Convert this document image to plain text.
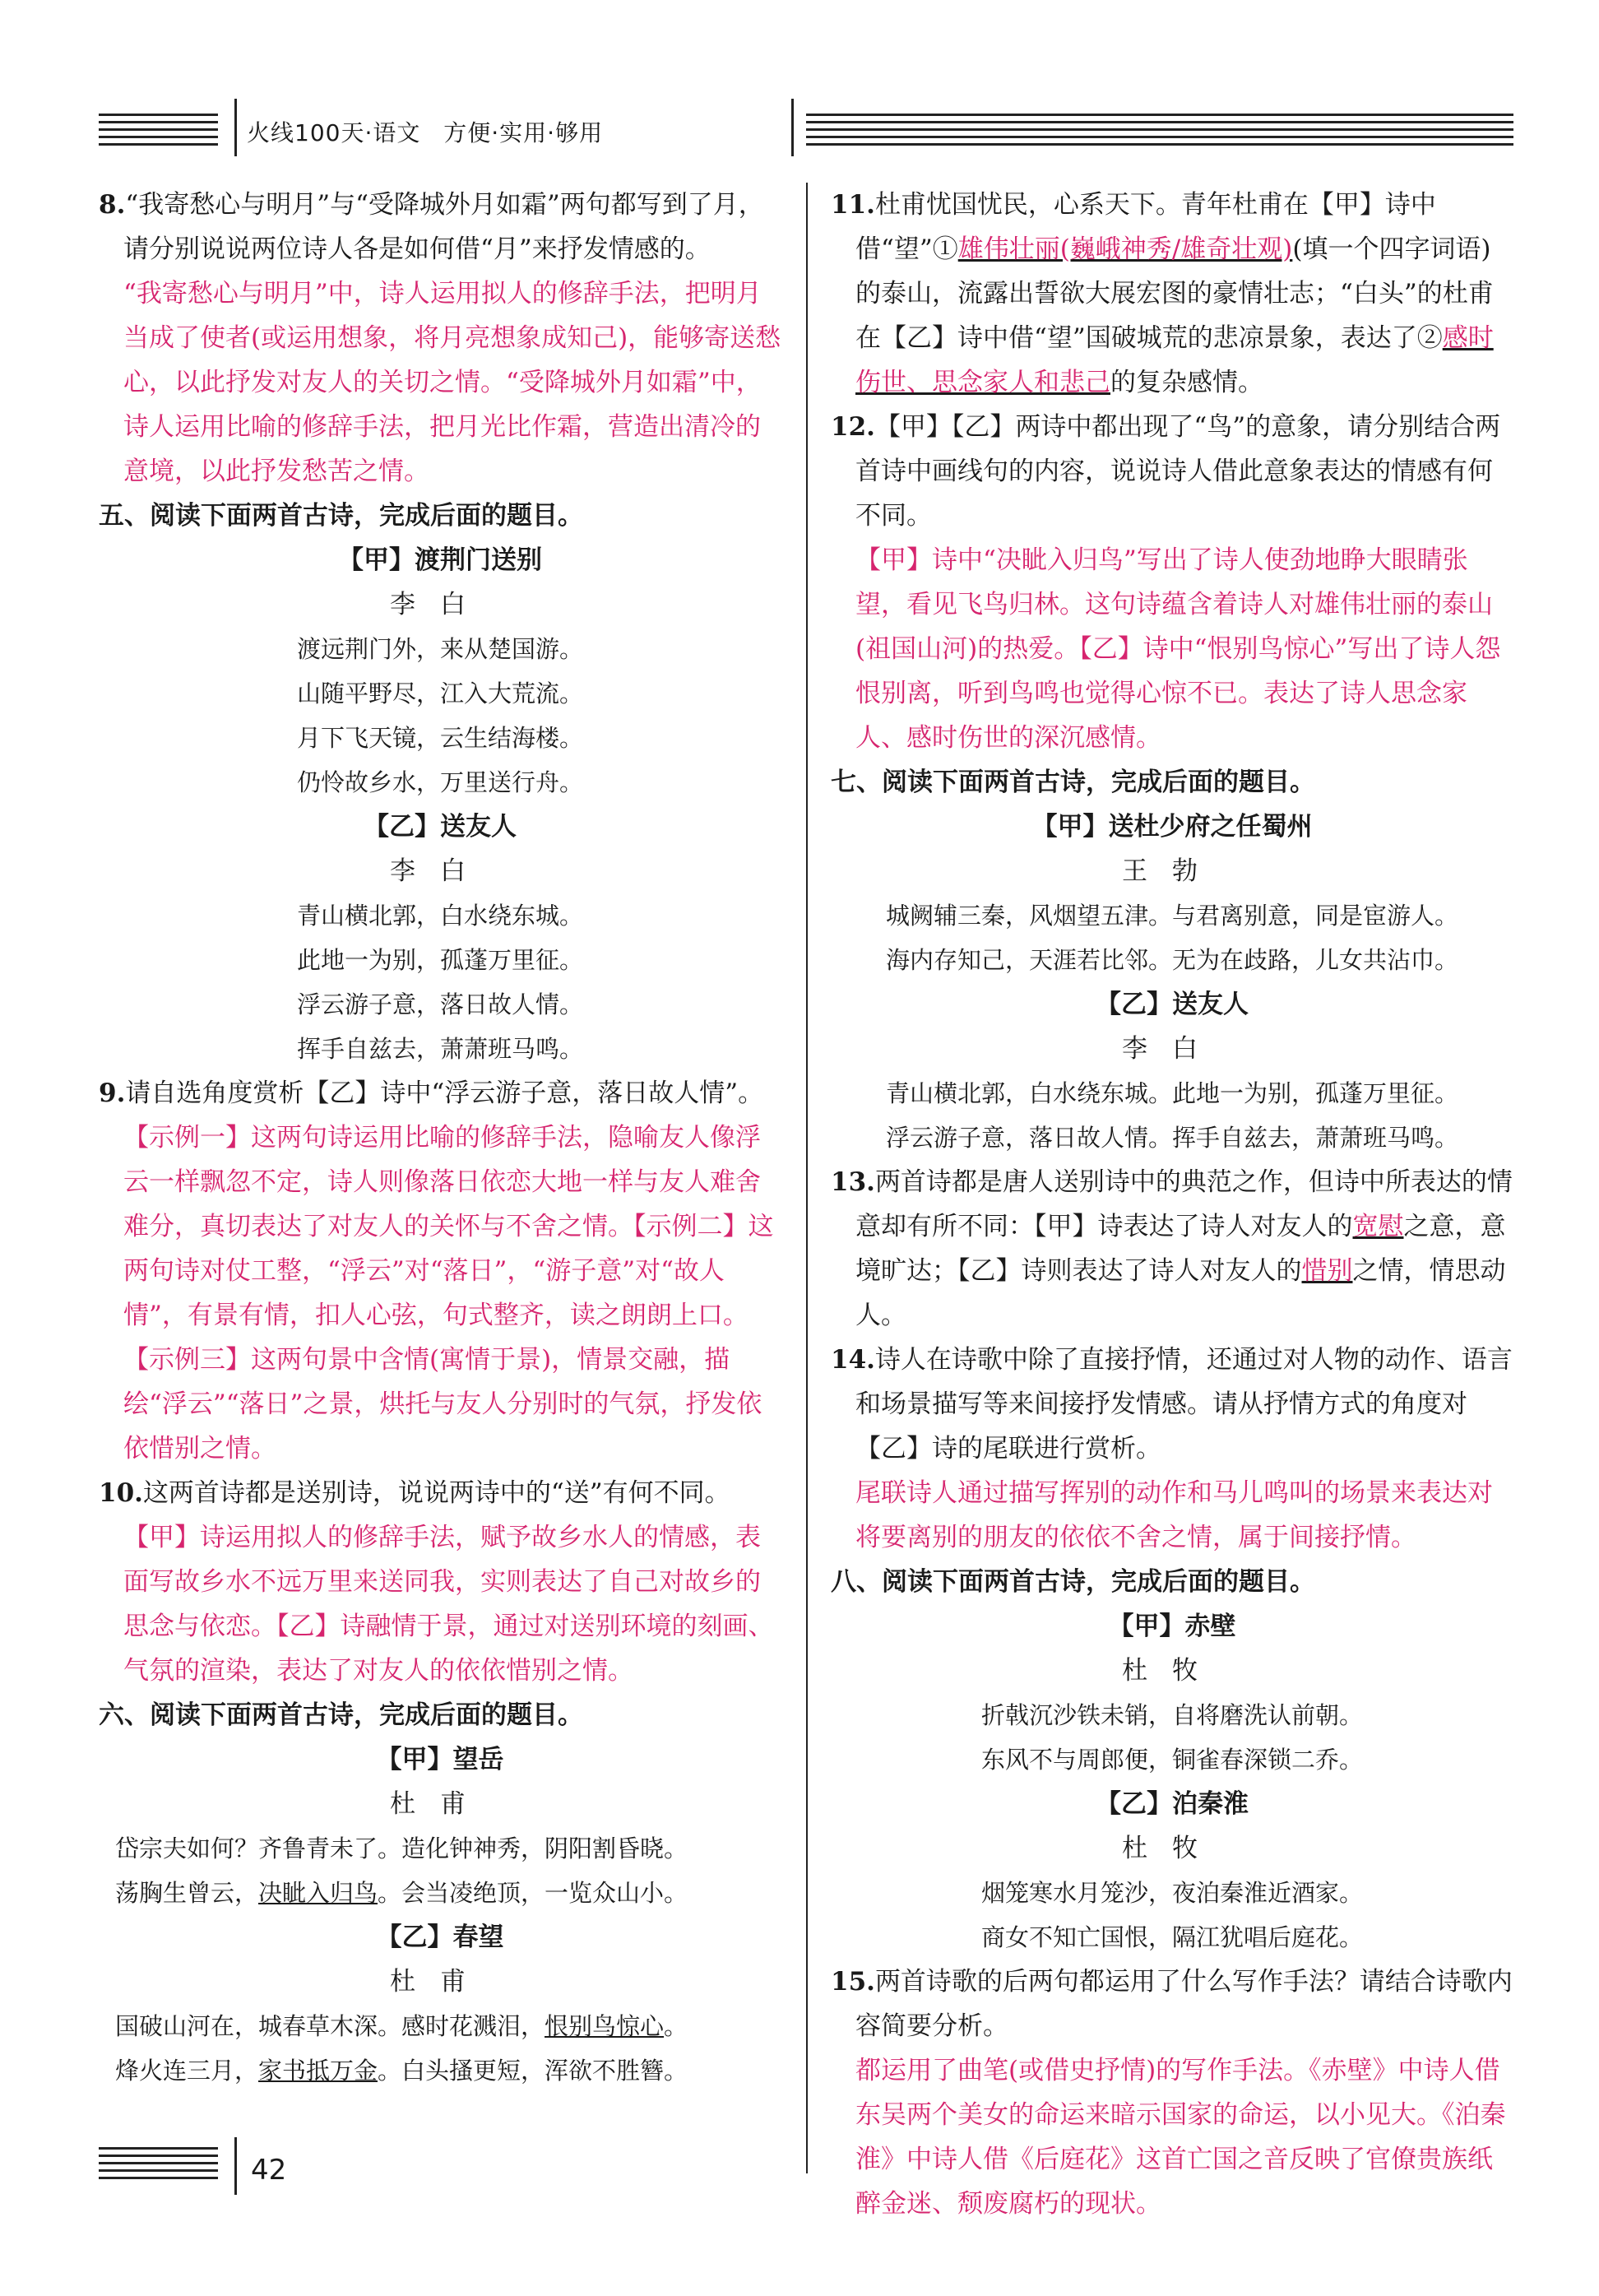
火线100天·语文 方便·实用·够用

8.“我寄愁心与明月”与“受降城外月如霜”两句都写到了月，请分别说说两位诗人各是如何借“月”来抒发情感的。

“我寄愁心与明月”中，诗人运用拟人的修辞手法，把明月当成了使者(或运用想象，将月亮想象成知己)，能够寄送愁心，以此抒发对友人的关切之情。“受降城外月如霜”中，诗人运用比喻的修辞手法，把月光比作霜，营造出清冷的意境，以此抒发愁苦之情。

五、阅读下面两首古诗，完成后面的题目。

【甲】渡荆门送别

李白

渡远荆门外，来从楚国游。

山随平野尽，江入大荒流。

月下飞天镜，云生结海楼。

仍怜故乡水，万里送行舟。

【乙】送友人

李白

青山横北郭，白水绕东城。

此地一为别，孤蓬万里征。

浮云游子意，落日故人情。

挥手自兹去，萧萧班马鸣。

9.请自选角度赏析【乙】诗中“浮云游子意，落日故人情”。

【示例一】这两句诗运用比喻的修辞手法，隐喻友人像浮云一样飘忽不定，诗人则像落日依恋大地一样与友人难舍难分，真切表达了对友人的关怀与不舍之情。【示例二】这两句诗对仗工整，“浮云”对“落日”，“游子意”对“故人情”，有景有情，扣人心弦，句式整齐，读之朗朗上口。【示例三】这两句景中含情(寓情于景)，情景交融，描绘“浮云”“落日”之景，烘托与友人分别时的气氛，抒发依依惜别之情。

10.这两首诗都是送别诗，说说两诗中的“送”有何不同。

【甲】诗运用拟人的修辞手法，赋予故乡水人的情感，表面写故乡水不远万里来送同我，实则表达了自己对故乡的思念与依恋。【乙】诗融情于景，通过对送别环境的刻画、气氛的渲染，表达了对友人的依依惜别之情。

六、阅读下面两首古诗，完成后面的题目。

【甲】望岳

杜甫

岱宗夫如何？齐鲁青未了。造化钟神秀，阴阳割昏晓。

荡胸生曾云，决眦入归鸟。会当凌绝顶，一览众山小。

【乙】春望

杜甫

国破山河在，城春草木深。感时花溅泪，恨别鸟惊心。

烽火连三月，家书抵万金。白头搔更短，浑欲不胜簪。

11.杜甫忧国忧民，心系天下。青年杜甫在【甲】诗中借“望”①雄伟壮丽(巍峨神秀/雄奇壮观)(填一个四字词语)的泰山，流露出誓欲大展宏图的豪情壮志；“白头”的杜甫在【乙】诗中借“望”国破城荒的悲凉景象，表达了②感时伤世、思念家人和悲己的复杂感情。

12.【甲】【乙】两诗中都出现了“鸟”的意象，请分别结合两首诗中画线句的内容，说说诗人借此意象表达的情感有何不同。

【甲】诗中“决眦入归鸟”写出了诗人使劲地睁大眼睛张望，看见飞鸟归林。这句诗蕴含着诗人对雄伟壮丽的泰山(祖国山河)的热爱。【乙】诗中“恨别鸟惊心”写出了诗人怨恨别离，听到鸟鸣也觉得心惊不已。表达了诗人思念家人、感时伤世的深沉感情。

七、阅读下面两首古诗，完成后面的题目。

【甲】送杜少府之任蜀州

王勃

城阙辅三秦，风烟望五津。与君离别意，同是宦游人。

海内存知己，天涯若比邻。无为在歧路，儿女共沾巾。

【乙】送友人

李白

青山横北郭，白水绕东城。此地一为别，孤蓬万里征。

浮云游子意，落日故人情。挥手自兹去，萧萧班马鸣。

13.两首诗都是唐人送别诗中的典范之作，但诗中所表达的情意却有所不同：【甲】诗表达了诗人对友人的宽慰之意，意境旷达；【乙】诗则表达了诗人对友人的惜别之情，情思动人。

14.诗人在诗歌中除了直接抒情，还通过对人物的动作、语言和场景描写等来间接抒发情感。请从抒情方式的角度对【乙】诗的尾联进行赏析。

尾联诗人通过描写挥别的动作和马儿鸣叫的场景来表达对将要离别的朋友的依依不舍之情，属于间接抒情。

八、阅读下面两首古诗，完成后面的题目。

【甲】赤壁

杜牧

折戟沉沙铁未销，自将磨洗认前朝。

东风不与周郎便，铜雀春深锁二乔。

【乙】泊秦淮

杜牧

烟笼寒水月笼沙，夜泊秦淮近酒家。

商女不知亡国恨，隔江犹唱后庭花。

15.两首诗歌的后两句都运用了什么写作手法？请结合诗歌内容简要分析。

都运用了曲笔(或借史抒情)的写作手法。《赤壁》中诗人借东吴两个美女的命运来暗示国家的命运，以小见大。《泊秦淮》中诗人借《后庭花》这首亡国之音反映了官僚贵族纸醉金迷、颓废腐朽的现状。

42
